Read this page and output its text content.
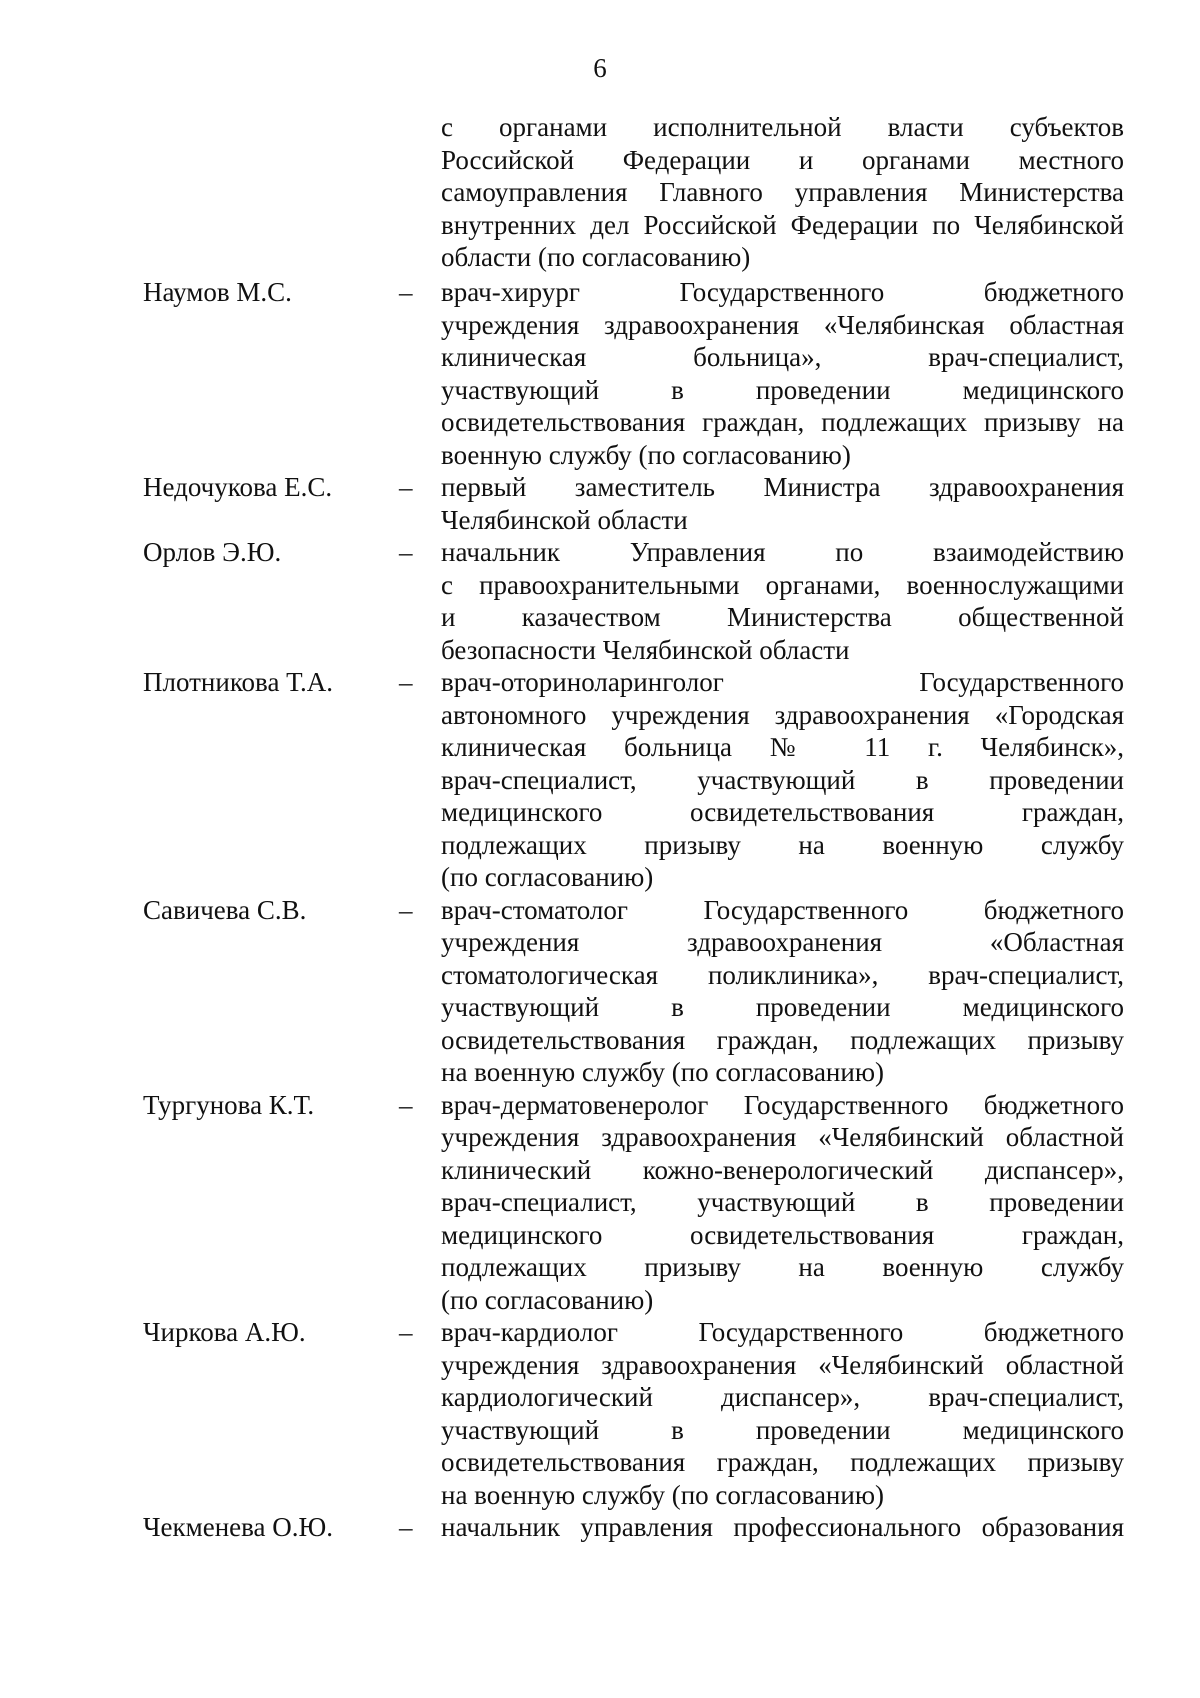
6
с органами исполнительной власти субъектов
Российской Федерации и органами местного
самоуправления Главного управления Министерства
внутренних дел Российской Федерации по Челябинской
области (по согласованию)
Наумов М.С.	–	врач-хирург Государственного бюджетного
учреждения здравоохранения «Челябинская областная
клиническая больница», врач-специалист,
участвующий в проведении медицинского
освидетельствования граждан, подлежащих призыву на
военную службу (по согласованию)
Недочукова Е.С.	–	первый заместитель Министра здравоохранения
Челябинской области
Орлов Э.Ю.	–	начальник Управления по взаимодействию
с правоохранительными органами, военнослужащими
и казачеством Министерства общественной
безопасности Челябинской области
Плотникова Т.А.	–	врач-оториноларинголог Государственного
автономного учреждения здравоохранения «Городская
клиническая больница № 11 г. Челябинск»,
врач-специалист, участвующий в проведении
медицинского освидетельствования граждан,
подлежащих призыву на военную службу
(по согласованию)
Савичева С.В.	–	врач-стоматолог Государственного бюджетного
учреждения здравоохранения «Областная
стоматологическая поликлиника», врач-специалист,
участвующий в проведении медицинского
освидетельствования граждан, подлежащих призыву
на военную службу (по согласованию)
Тургунова К.Т.	–	врач-дерматовенеролог Государственного бюджетного
учреждения здравоохранения «Челябинский областной
клинический кожно-венерологический диспансер»,
врач-специалист, участвующий в проведении
медицинского освидетельствования граждан,
подлежащих призыву на военную службу
(по согласованию)
Чиркова А.Ю.	–	врач-кардиолог Государственного бюджетного
учреждения здравоохранения «Челябинский областной
кардиологический диспансер», врач-специалист,
участвующий в проведении медицинского
освидетельствования граждан, подлежащих призыву
на военную службу (по согласованию)
Чекменева О.Ю.	–	начальник управления профессионального образования
